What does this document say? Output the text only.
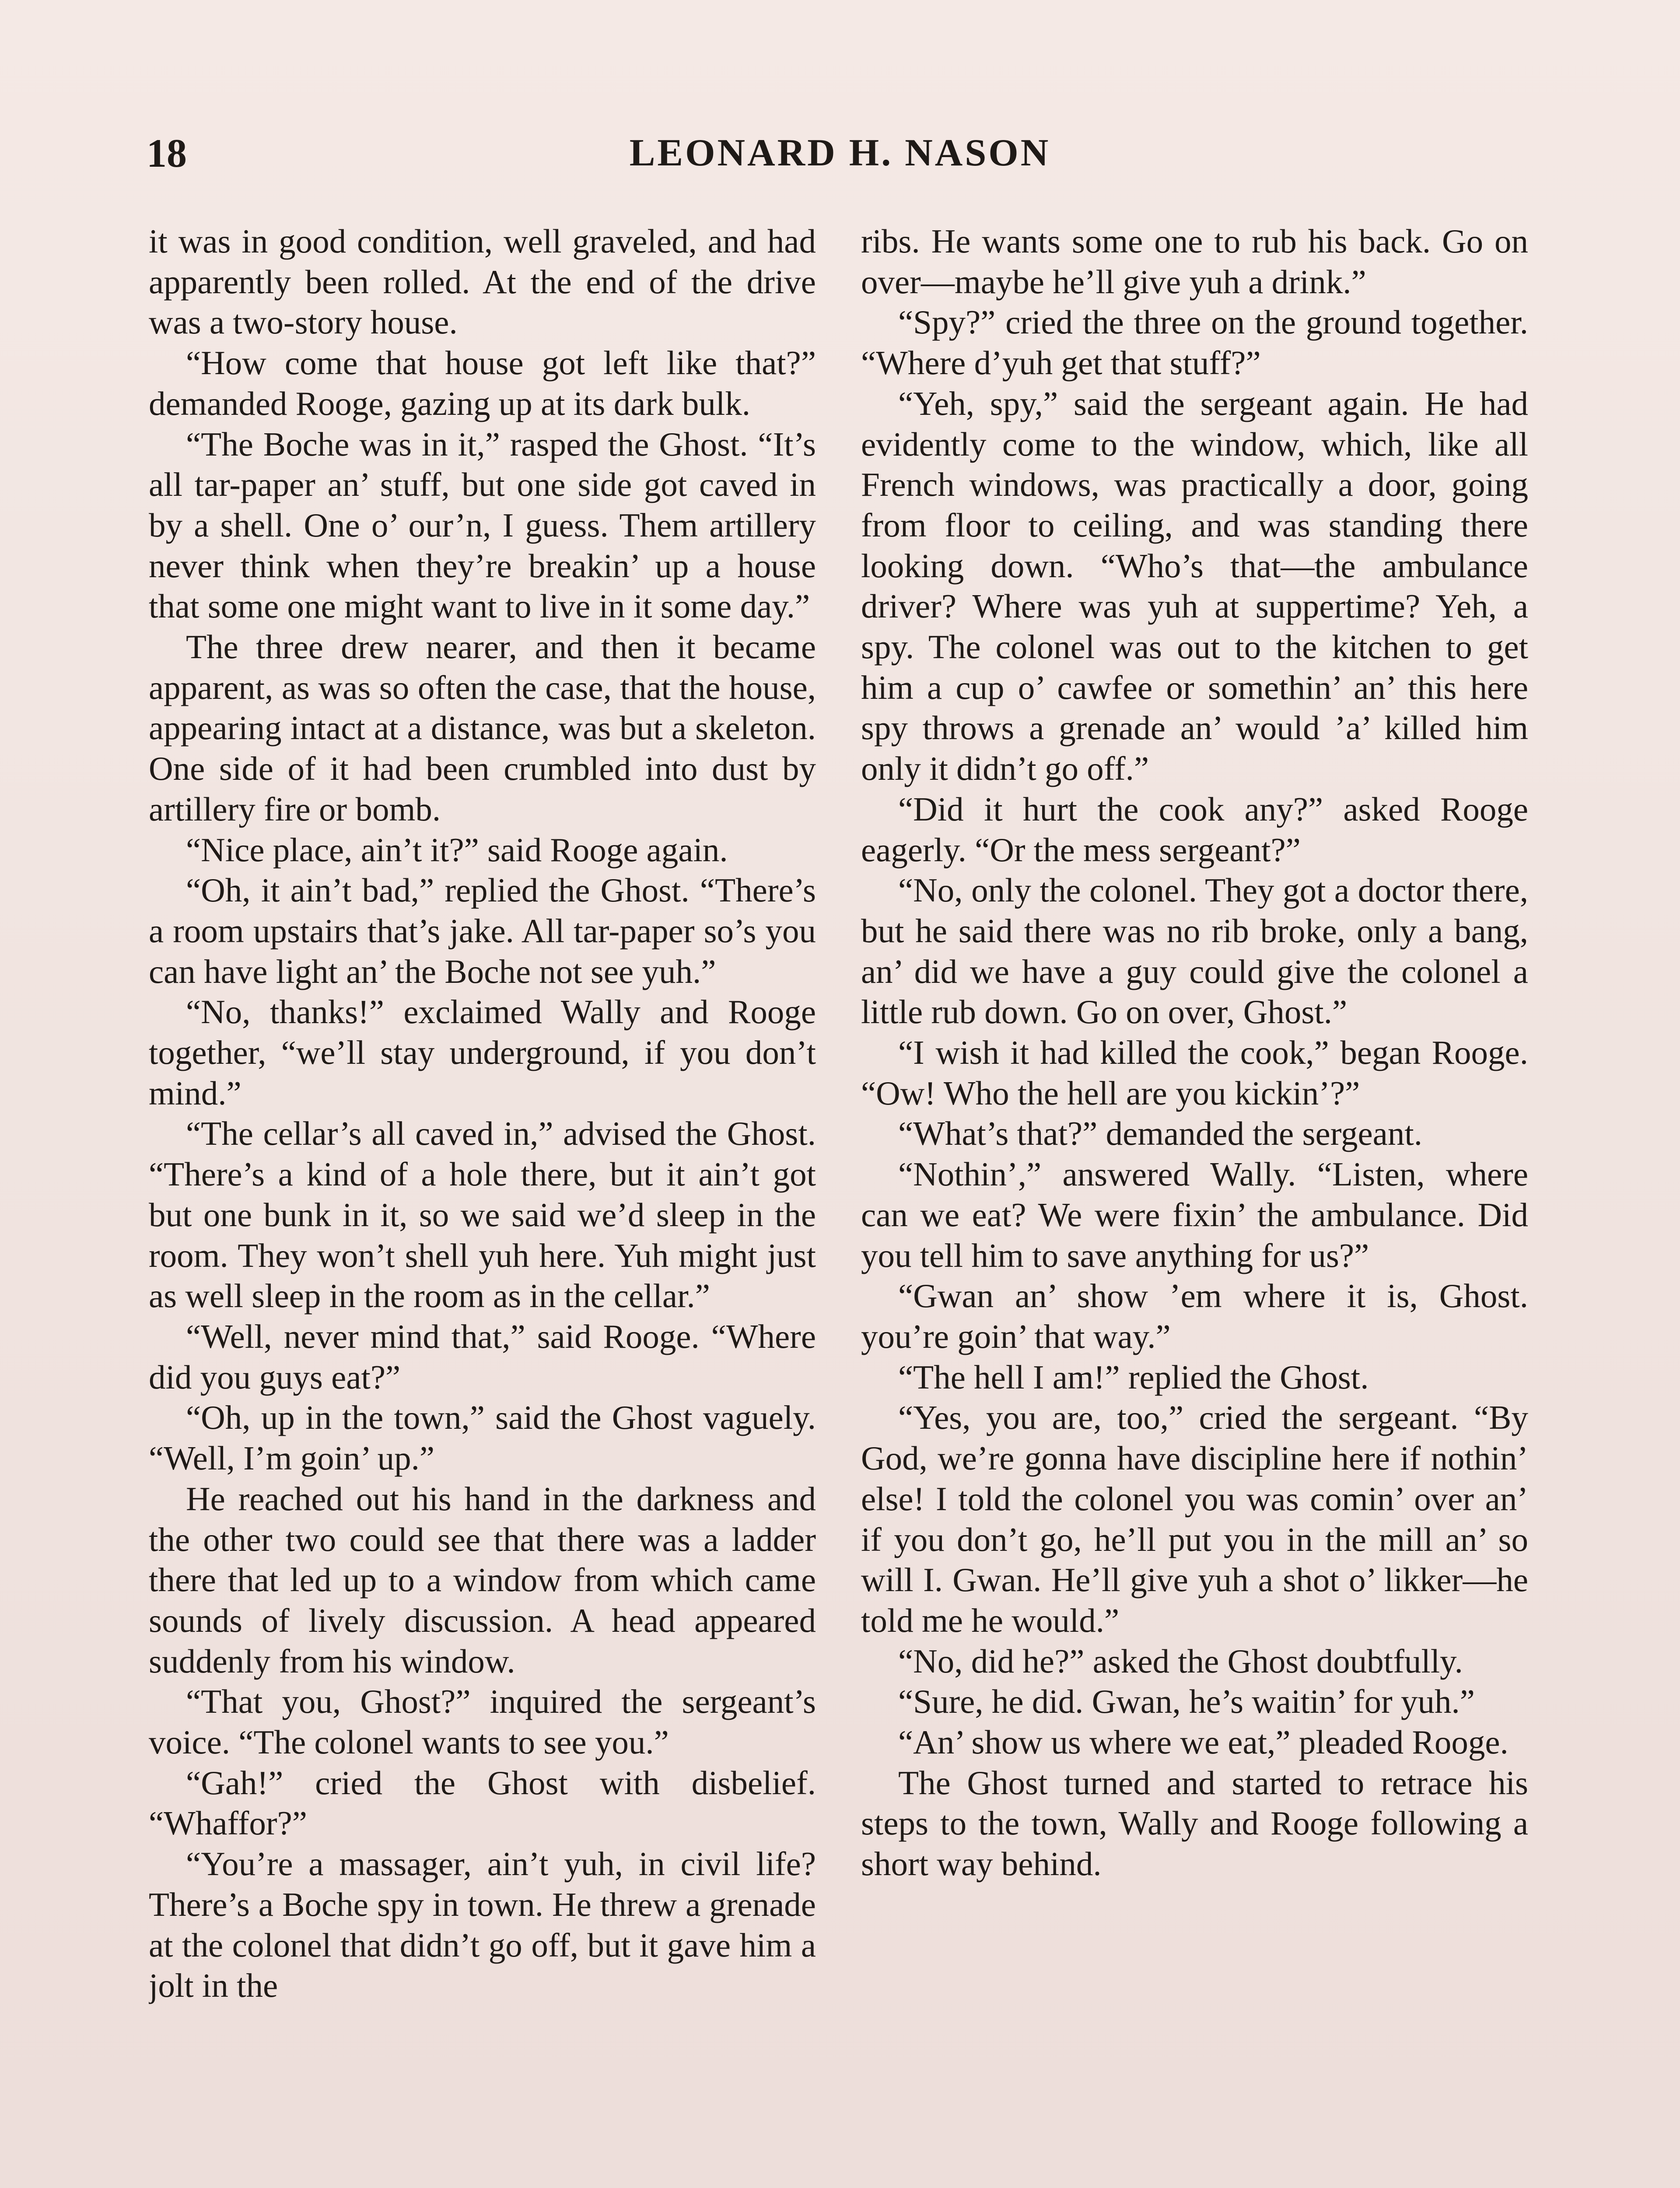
18	LEONARD H. NASON

it was in good condition, well graveled, and had apparently been rolled. At the end of the drive was a two-story house.

“How come that house got left like that?” demanded Rooge, gazing up at its dark bulk.

“The Boche was in it,” rasped the Ghost. “It’s all tar-paper an’ stuff, but one side got caved in by a shell. One o’ our’n, I guess. Them artillery never think when they’re breakin’ up a house that some one might want to live in it some day.”

The three drew nearer, and then it became apparent, as was so often the case, that the house, appearing intact at a distance, was but a skeleton. One side of it had been crumbled into dust by artillery fire or bomb.

“Nice place, ain’t it?” said Rooge again.

“Oh, it ain’t bad,” replied the Ghost. “There’s a room upstairs that’s jake. All tar-paper so’s you can have light an’ the Boche not see yuh.”

“No, thanks!” exclaimed Wally and Rooge together, “we’ll stay underground, if you don’t mind.”

“The cellar’s all caved in,” advised the Ghost. “There’s a kind of a hole there, but it ain’t got but one bunk in it, so we said we’d sleep in the room. They won’t shell yuh here. Yuh might just as well sleep in the room as in the cellar.”

“Well, never mind that,” said Rooge. “Where did you guys eat?”

“Oh, up in the town,” said the Ghost vaguely. “Well, I’m goin’ up.”

He reached out his hand in the darkness and the other two could see that there was a ladder there that led up to a window from which came sounds of lively discussion. A head appeared suddenly from his window.

“That you, Ghost?” inquired the sergeant’s voice. “The colonel wants to see you.”

“Gah!” cried the Ghost with disbelief. “Whaffor?”

“You’re a massager, ain’t yuh, in civil life? There’s a Boche spy in town. He threw a grenade at the colonel that didn’t go off, but it gave him a jolt in the

ribs. He wants some one to rub his back. Go on over—maybe he’ll give yuh a drink.”

“Spy?” cried the three on the ground together. “Where d’yuh get that stuff?”

“Yeh, spy,” said the sergeant again. He had evidently come to the window, which, like all French windows, was practically a door, going from floor to ceiling, and was standing there looking down. “Who’s that—the ambulance driver? Where was yuh at suppertime? Yeh, a spy. The colonel was out to the kitchen to get him a cup o’ cawfee or somethin’ an’ this here spy throws a grenade an’ would ’a’ killed him only it didn’t go off.”

“Did it hurt the cook any?” asked Rooge eagerly. “Or the mess sergeant?”

“No, only the colonel. They got a doctor there, but he said there was no rib broke, only a bang, an’ did we have a guy could give the colonel a little rub down. Go on over, Ghost.”

“I wish it had killed the cook,” began Rooge. “Ow! Who the hell are you kickin’?”

“What’s that?” demanded the sergeant.

“Nothin’,” answered Wally. “Listen, where can we eat? We were fixin’ the ambulance. Did you tell him to save anything for us?”

“Gwan an’ show ’em where it is, Ghost. you’re goin’ that way.”

“The hell I am!” replied the Ghost.

“Yes, you are, too,” cried the sergeant. “By God, we’re gonna have discipline here if nothin’ else! I told the colonel you was comin’ over an’ if you don’t go, he’ll put you in the mill an’ so will I. Gwan. He’ll give yuh a shot o’ likker—he told me he would.”

“No, did he?” asked the Ghost doubtfully.

“Sure, he did. Gwan, he’s waitin’ for yuh.”

“An’ show us where we eat,” pleaded Rooge.

The Ghost turned and started to retrace his steps to the town, Wally and Rooge following a short way behind.
